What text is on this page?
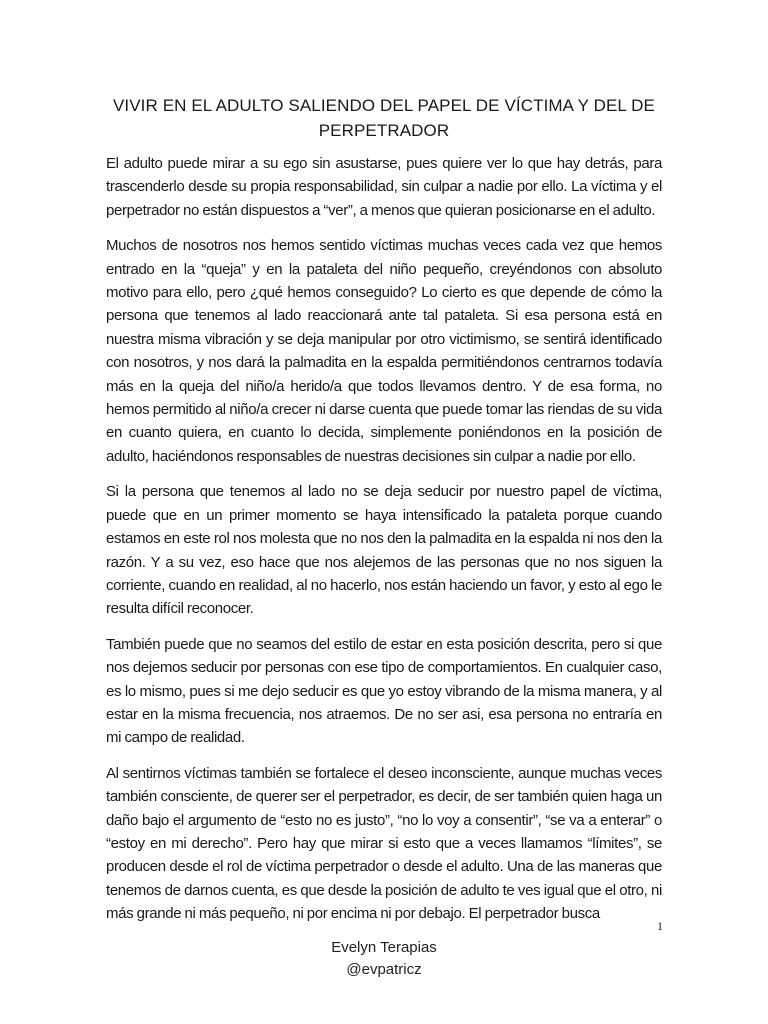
VIVIR EN EL ADULTO SALIENDO DEL PAPEL DE VÍCTIMA Y DEL DE PERPETRADOR

El adulto puede mirar a su ego sin asustarse, pues quiere ver lo que hay detrás, para trascenderlo desde su propia responsabilidad, sin culpar a nadie por ello. La víctima y el perpetrador no están dispuestos a “ver”, a menos que quieran posicionarse en el adulto.

Muchos de nosotros nos hemos sentido víctimas muchas veces cada vez que hemos entrado en la “queja” y en la pataleta del niño pequeño, creyéndonos con absoluto motivo para ello, pero ¿qué hemos conseguido? Lo cierto es que depende de cómo la persona que tenemos al lado reaccionará ante tal pataleta. Si esa persona está en nuestra misma vibración y se deja manipular por otro victimismo, se sentirá identificado con nosotros, y nos dará la palmadita en la espalda permitiéndonos centrarnos todavía más en la queja del niño/a herido/a que todos llevamos dentro. Y de esa forma, no hemos permitido al niño/a crecer ni darse cuenta que puede tomar las riendas de su vida en cuanto quiera, en cuanto lo decida, simplemente poniéndonos en la posición de adulto, haciéndonos responsables de nuestras decisiones sin culpar a nadie por ello.

Si la persona que tenemos al lado no se deja seducir por nuestro papel de víctima, puede que en un primer momento se haya intensificado la pataleta porque cuando estamos en este rol nos molesta que no nos den la palmadita en la espalda ni nos den la razón. Y a su vez, eso hace que nos alejemos de las personas que no nos siguen la corriente, cuando en realidad, al no hacerlo, nos están haciendo un favor, y esto al ego le resulta difícil reconocer.

También puede que no seamos del estilo de estar en esta posición descrita, pero si que nos dejemos seducir por personas con ese tipo de comportamientos. En cualquier caso, es lo mismo, pues si me dejo seducir es que yo estoy vibrando de la misma manera, y al estar en la misma frecuencia, nos atraemos. De no ser asi, esa persona no entraría en mi campo de realidad.

Al sentirnos víctimas también se fortalece el deseo inconsciente, aunque muchas veces también consciente, de querer ser el perpetrador, es decir, de ser también quien haga un daño bajo el argumento de “esto no es justo”, “no lo voy a consentir”, “se va a enterar” o “estoy en mi derecho”. Pero hay que mirar si esto que a veces llamamos “límites”, se producen desde el rol de víctima perpetrador o desde el adulto. Una de las maneras que tenemos de darnos cuenta, es que desde la posición de adulto te ves igual que el otro, ni más grande ni más pequeño, ni por encima ni por debajo. El perpetrador busca

1
Evelyn Terapias
@evpatricz
